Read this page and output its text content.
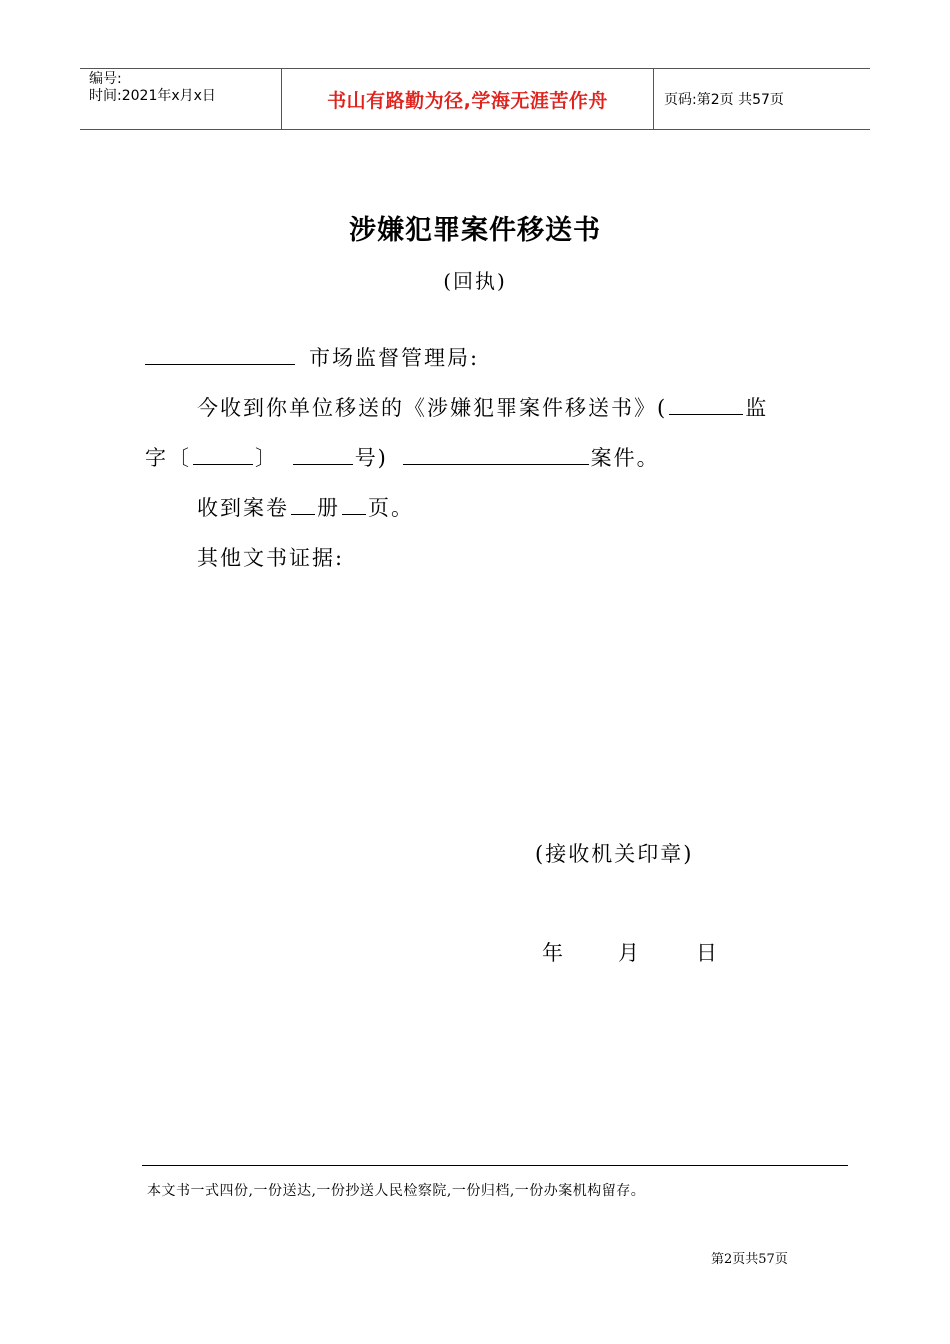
编号:
时间:2021年x月x日	书山有路勤为径,学海无涯苦作舟	页码:第2页 共57页
涉嫌犯罪案件移送书
(回执)
市场监督管理局:
今收到你单位移送的《涉嫌犯罪案件移送书》(	监
字〔	〕	号)	案件。
收到案卷 册 页。
其他文书证据:
(接收机关印章)
年	月	日
本文书一式四份,一份送达,一份抄送人民检察院,一份归档,一份办案机构留存。
第2页共57页
